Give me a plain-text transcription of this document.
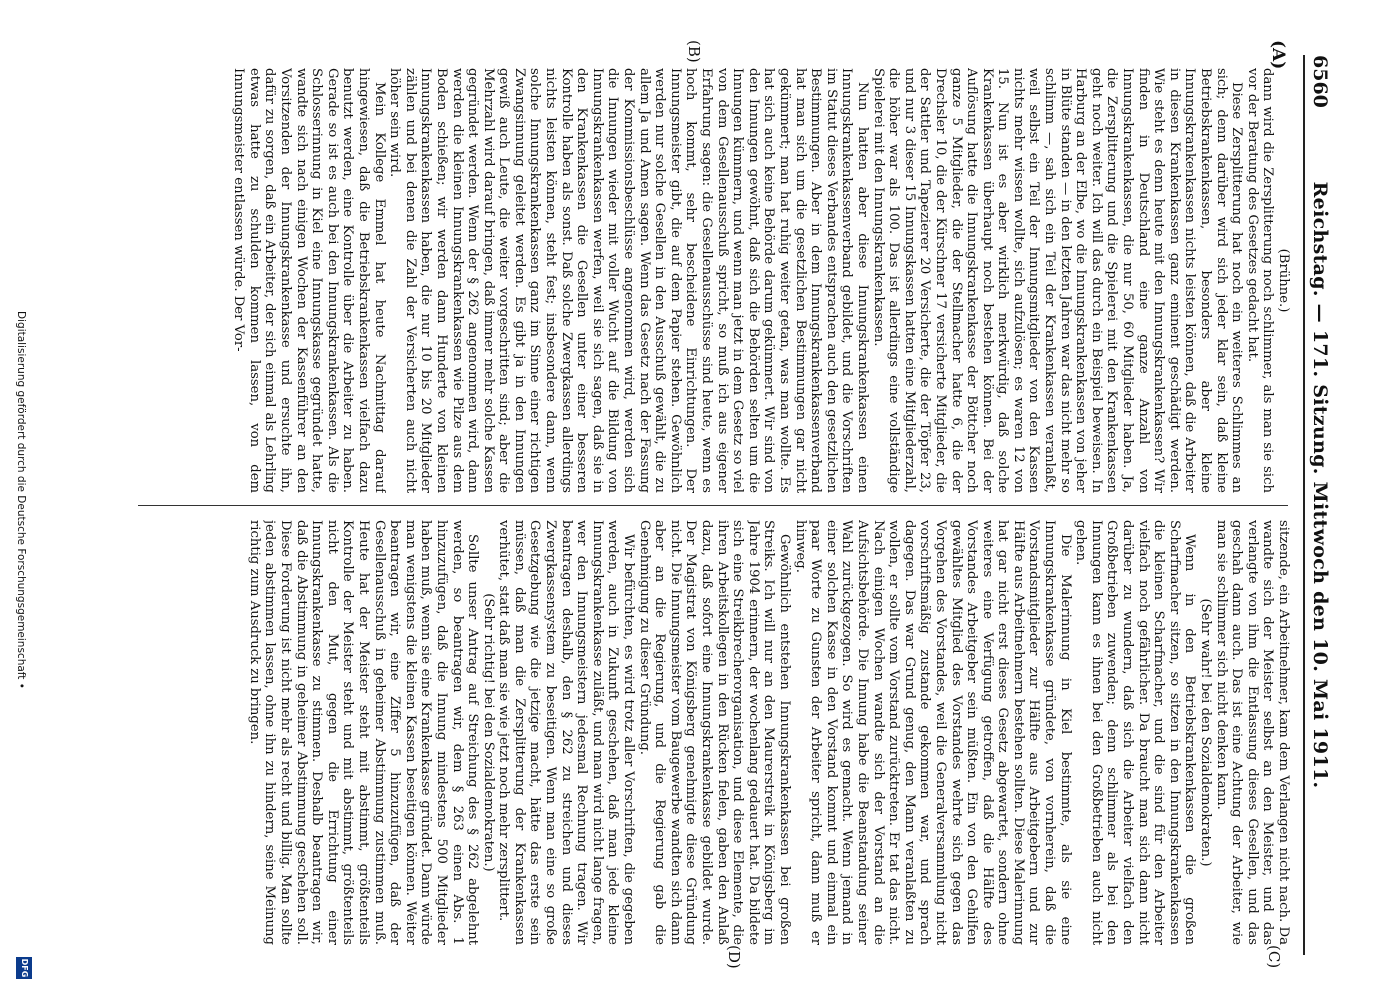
6560
Reichstag. — 171. Sitzung. Mittwoch den 10. Mai 1911.
(A)
(B)
(C)
(D)

(Brühne.)

dann wird die Zersplitterung noch schlimmer, als man sie sich vor der Beratung des Gesetzes gedacht hat.

Diese Zersplitterung hat noch ein weiteres Schlimmes an sich; denn darüber wird sich jeder klar sein, daß kleine Betriebskrankenkassen, besonders aber kleine Innungskrankenkassen nichts leisten können, daß die Arbeiter in diesen Krankenkassen ganz eminent geschädigt werden. Wie steht es denn heute mit den Innungskrankenkassen? Wir finden in Deutschland eine ganze Anzahl von Innungskrankenkassen, die nur 50, 60 Mitglieder haben. Ja, die Zersplitterung und die Spielerei mit den Krankenkassen geht noch weiter. Ich will das durch ein Beispiel beweisen. In Harburg an der Elbe, wo die Innungskrankenkassen von jeher in Blüte standen — in den letzten Jahren war das nicht mehr so schlimm —, sah sich ein Teil der Krankenkassen veranlaßt, weil selbst ein Teil der Innungsmitglieder von den Kassen nichts mehr wissen wollte, sich aufzulösen; es waren 12 von 15. Nun ist es aber wirklich merkwürdig, daß solche Krankenkassen überhaupt noch bestehen können. Bei der Auflösung hatte die Innungskrankenkasse der Böttcher noch ganze 5 Mitglieder, die der Stellmacher hatte 6, die der Drechsler 10, die der Kürschner 17 versicherte Mitglieder, die der Sattler und Tapezierer 20 Versicherte, die der Töpfer 23, und nur 3 dieser 15 Innungskassen hatten eine Mitgliederzahl, die höher war als 100. Das ist allerdings eine vollständige Spielerei mit den Innungskrankenkassen.

Nun hatten aber diese Innungskrankenkassen einen Innungskrankenkassenverband gebildet, und die Vorschriften im Statut dieses Verbandes entsprachen auch den gesetzlichen Bestimmungen. Aber in dem Innungskrankenkassenverband hat man sich um die gesetzlichen Bestimmungen gar nicht gekümmert; man hat ruhig weiter getan, was man wollte. Es hat sich auch keine Behörde darum gekümmert. Wir sind von den Innungen gewöhnt, daß sich die Behörden selten um die Innungen kümmern, und wenn man jetzt in dem Gesetz so viel von dem Gesellenausschuß spricht, so muß ich aus eigener Erfahrung sagen: die Gesellenausschüsse sind heute, wenn es hoch kommt, sehr bescheidene Einrichtungen. Der Innungsmeister gibt, die auf dem Papier stehen. Gewöhnlich werden nur solche Gesellen in den Ausschuß gewählt, die zu allem Ja und Amen sagen. Wenn das Gesetz nach der Fassung der Kommissionsbeschlüsse angenommen wird, werden sich die Innungen wieder mit voller Wucht auf die Bildung von Innungskrankenkassen werfen, weil sie sich sagen, daß sie in den Krankenkassen die Gesellen unter einer besseren Kontrolle haben als sonst. Daß solche Zwergkassen allerdings nichts leisten können, steht fest; insbesondere dann, wenn solche Innungskrankenkassen ganz im Sinne einer richtigen Zwangsinnung geleitet werden. Es gibt ja in den Innungen gewiß auch Leute, die weiter vorgeschritten sind; aber die Mehrzahl wird darauf bringen, daß immer mehr solche Kassen gegründet werden. Wenn der § 262 angenommen wird, dann werden die kleinen Innungskrankenkassen wie Pilze aus dem Boden schießen; wir werden dann Hunderte von kleinen Innungskrankenkassen haben, die nur 10 bis 20 Mitglieder zählen und bei denen die Zahl der Versicherten auch nicht höher sein wird.

Mein Kollege Emmel hat heute Nachmittag darauf hingewiesen, daß die Betriebskrankenkassen vielfach dazu benutzt werden, eine Kontrolle über die Arbeiter zu haben. Gerade so ist es auch bei den Innungskrankenkassen. Als die Schlosserinnung in Kiel eine Innungskasse gegründet hatte, wandte sich nach einigen Wochen der Kassenführer an den Vorsitzenden der Innungskrankenkasse und ersuchte ihn, dafür zu sorgen, daß ein Arbeiter, der sich einmal als Lehrling etwas hatte zu schulden kommen lassen, von dem Innungsmeister entlassen würde. Der Vor-

sitzende, ein Arbeitnehmer, kam dem Verlangen nicht nach. Da wandte sich der Meister selbst an den Meister, und das verlangte von ihm die Entlassung dieses Gesellen, und das geschah dann auch. Das ist eine Achtung der Arbeiter, wie man sie schlimmer sich nicht denken kann.

(Sehr wahr! bei den Sozialdemokraten.)

Wenn in den Betriebskrankenkassen die großen Scharfmacher sitzen, so sitzen in den Innungskrankenkassen die kleinen Scharfmacher, und die sind für den Arbeiter vielfach noch gefährlicher. Da braucht man sich dann nicht darüber zu wundern, daß sich die Arbeiter vielfach den Großbetrieben zuwenden; denn schlimmer als bei den Innungen kann es ihnen bei den Großbetrieben auch nicht gehen.

Die Malerinnung in Kiel bestimmte, als sie eine Innungskrankenkasse gründete, von vornherein, daß die Vorstandsmitglieder zur Hälfte aus Arbeitgebern und zur Hälfte aus Arbeitnehmern bestehen sollten. Diese Malerinnung hat gar nicht erst dieses Gesetz abgewartet, sondern ohne weiteres eine Verfügung getroffen, daß die Hälfte des Vorstandes Arbeitgeber sein müßten. Ein von den Gehilfen gewähltes Mitglied des Vorstandes wehrte sich gegen das Vorgehen des Vorstandes, weil die Generalversammlung nicht vorschriftsmäßig zustande gekommen war, und sprach dagegen. Das war Grund genug, den Mann veranlaßten zu wollen, er sollte vom Vorstand zurücktreten. Er tat das nicht. Nach einigen Wochen wandte sich der Vorstand an die Aufsichtsbehörde. Die Innung habe die Beanstandung seiner Wahl zurückgezogen. So wird es gemacht. Wenn jemand in einer solchen Kasse in den Vorstand kommt und einmal ein paar Worte zu Gunsten der Arbeiter spricht, dann muß er hinweg.

Gewöhnlich entstehen Innungskrankenkassen bei großen Streiks. Ich will nur an den Maurerstreik in Königsberg im Jahre 1904 erinnern, der wochenlang gedauert hat. Da bildete sich eine Streikbrecherorganisation, und diese Elemente, die ihren Arbeitskollegen in den Rücken fielen, gaben den Anlaß dazu, daß sofort eine Innungskrankenkasse gebildet wurde. Der Magistrat von Königsberg genehmigte diese Gründung nicht. Die Innungsmeister vom Baugewerbe wandten sich dann aber an die Regierung, und die Regierung gab die Genehmigung zu dieser Gründung.

Wir befürchten, es wird trotz aller Vorschriften, die gegeben werden, auch in Zukunft geschehen, daß man jede kleine Innungskrankenkasse zuläßt, und man wird nicht lange fragen, wer den Innungsmeistern jedesmal Rechnung tragen. Wir beantragen deshalb, den § 262 zu streichen und dieses Zwergkassensystem zu beseitigen. Wenn man eine so große Gesetzgebung wie die jetzige macht, hätte das erste sein müssen, daß man die Zersplitterung der Krankenkassen verhütet, statt daß man sie wie jetzt noch mehr zersplittert.

(Sehr richtig! bei den Sozialdemokraten.)

Sollte unser Antrag auf Streichung des § 262 abgelehnt werden, so beantragen wir, dem § 263 einen Abs. 1 hinzuzufügen, daß die Innung mindestens 500 Mitglieder haben muß, wenn sie eine Krankenkasse gründet. Dann würde man wenigstens die kleinen Kassen beseitigen können. Weiter beantragen wir, eine Ziffer 5 hinzuzufügen, daß der Gesellenausschuß in geheimer Abstimmung zustimmen muß. Heute hat der Meister steht mit abstimmt, größtenteils Kontrolle der Meister steht und mit abstimmt, größtenteils nicht den Mut, gegen die Errichtung einer Innungskrankenkasse zu stimmen. Deshalb beantragen wir, daß die Abstimmung in geheimer Abstimmung geschehen soll. Diese Forderung ist nicht mehr als recht und billig. Man sollte jeden abstimmen lassen, ohne ihn zu hindern, seine Meinung richtig zum Ausdruck zu bringen.

Digitalisierung gefördert durch die Deutsche Forschungsgemeinschaft •
DFG
